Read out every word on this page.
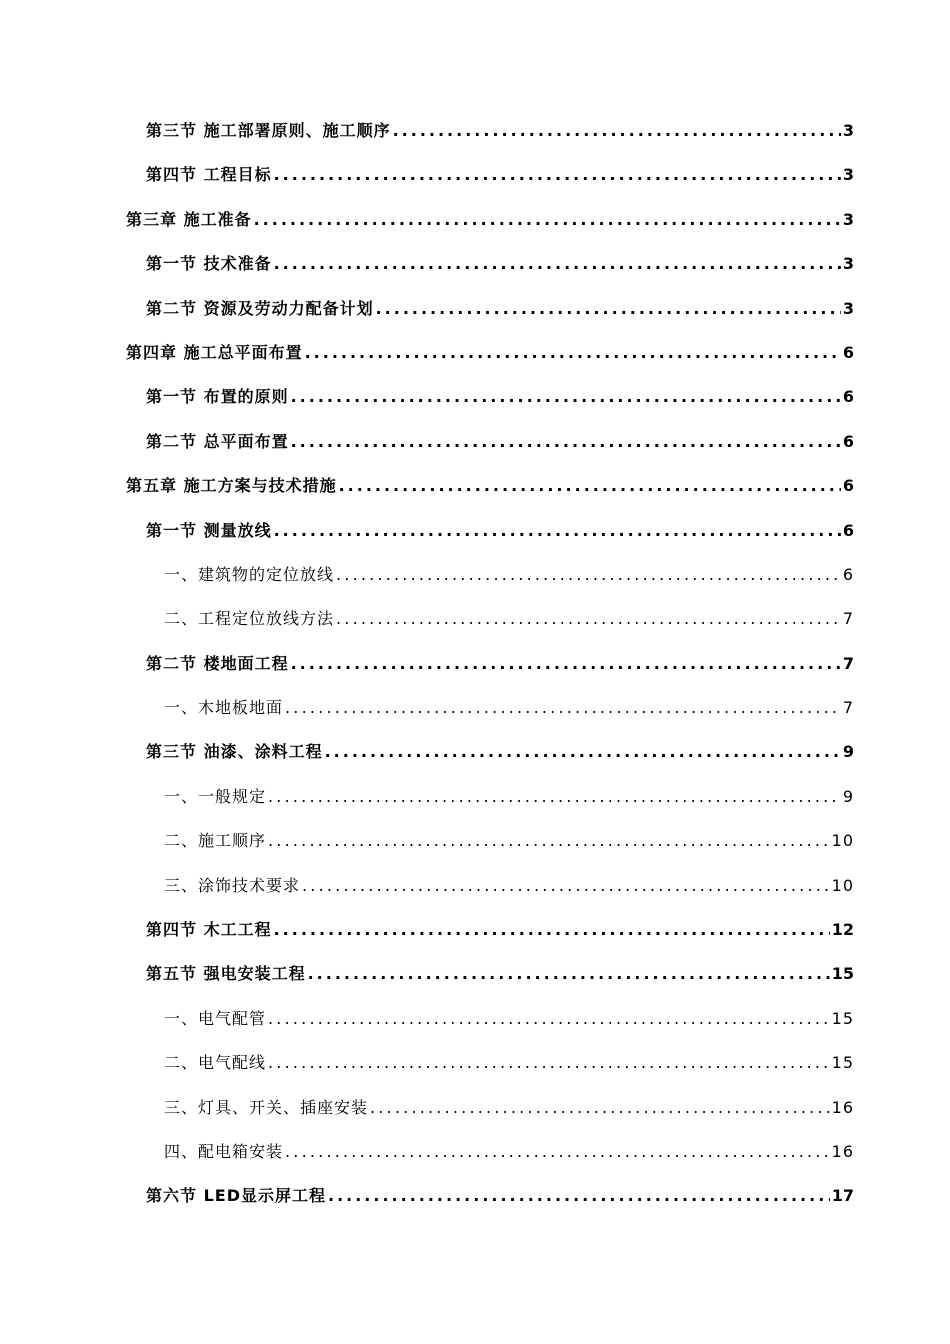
第三节 施工部署原则、施工顺序 .....	3
第四节 工程目标 .....	3
第三章 施工准备 .....	3
第一节 技术准备 .....	3
第二节 资源及劳动力配备计划 .....	3
第四章 施工总平面布置 .....	6
第一节 布置的原则 .....	6
第二节 总平面布置 .....	6
第五章 施工方案与技术措施 .....	6
第一节 测量放线 .....	6
一、建筑物的定位放线 .....	6
二、工程定位放线方法 .....	7
第二节 楼地面工程 .....	7
一、木地板地面 .....	7
第三节 油漆、涂料工程 .....	9
一、一般规定 .....	9
二、施工顺序 .....	10
三、涂饰技术要求 .....	10
第四节 木工工程 .....	12
第五节 强电安装工程 .....	15
一、电气配管 .....	15
二、电气配线 .....	15
三、灯具、开关、插座安装 .....	16
四、配电箱安装 .....	16
第六节 LED显示屏工程 .....	17
